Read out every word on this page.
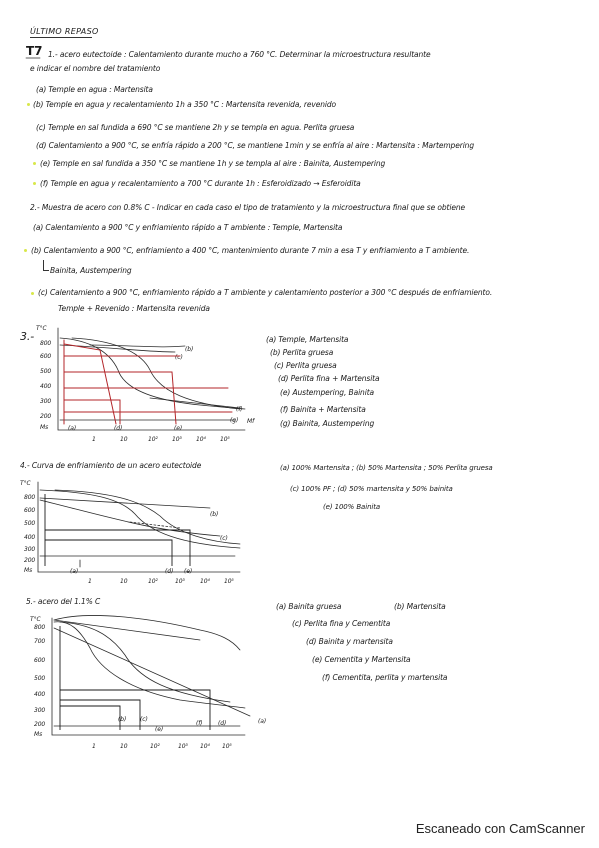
ÚLTIMO REPASO
T7 1.- acero eutectoide : Calentamiento durante mucho a 760 °C. Determinar la microestructura resultante
e indicar el nombre del tratamiento
(a) Temple en agua : Martensita
(b) Temple en agua y recalentamiento 1h a 350 °C : Martensita revenida, revenido
(c) Temple en sal fundida a 690 °C se mantiene 2h y se templa en agua. Perlita gruesa
(d) Calentamiento a 900 °C, se enfría rápido a 200 °C, se mantiene 1min y se enfría al aire : Martensita : Martempering
(e) Temple en sal fundida a 350 °C se mantiene 1h y se templa al aire : Bainita, Austempering
(f) Temple en agua y recalentamiento a 700 °C durante 1h : Esferoidizado → Esferoidita
2.- Muestra de acero con 0.8% C - Indicar en cada caso el tipo de tratamiento y la microestructura final que se obtiene
(a) Calentamiento a 900 °C y enfriamiento rápido a T ambiente : Temple, Martensita
(b) Calentamiento a 900 °C, enfriamiento a 400 °C, mantenimiento durante 7 min a esa T y enfriamiento a T ambiente.
Bainita, Austempering
(c) Calentamiento a 900 °C, enfriamiento rápido a T ambiente y calentamiento posterior a 300 °C después de enfriamiento.
Temple + Revenido : Martensita revenida
3.-
T°C
800
600
500
400
300
200
Ms
1	10	10² 10³ 10⁴ 10⁵
(b)
(c)
(a)	(d)	(e)
(f)
(g) Mf
(a) Temple, Martensita
(b) Perlita gruesa
(c) Perlita gruesa
(d) Perlita fina + Martensita
(e) Austempering, Bainita
(f) Bainita + Martensita
(g) Bainita, Austempering
4.- Curva de enfriamiento de un acero eutectoide
T°C
800
600
500
400
300
200
Ms
1	10	10²	10³	10⁴ 10⁵
(b)
(c)
(a)	(d) (e)
(a) 100% Martensita ; (b) 50% Martensita ; 50% Perlita gruesa
(c) 100% PF ; (d) 50% martensita y 50% bainita
(e) 100% Bainita
5.- acero del 1.1% C
T°C
800
700
600
500
400
300
200
Ms
1	10	10²	10³ 10⁴ 10⁵
(b) (c)
(f)	(d)	(a)
(e)
(a) Bainita gruesa	(b) Martensita
(c) Perlita fina y Cementita
(d) Bainita y martensita
(e) Cementita y Martensita
(f) Cementita, perlita y martensita
Escaneado con CamScanner
